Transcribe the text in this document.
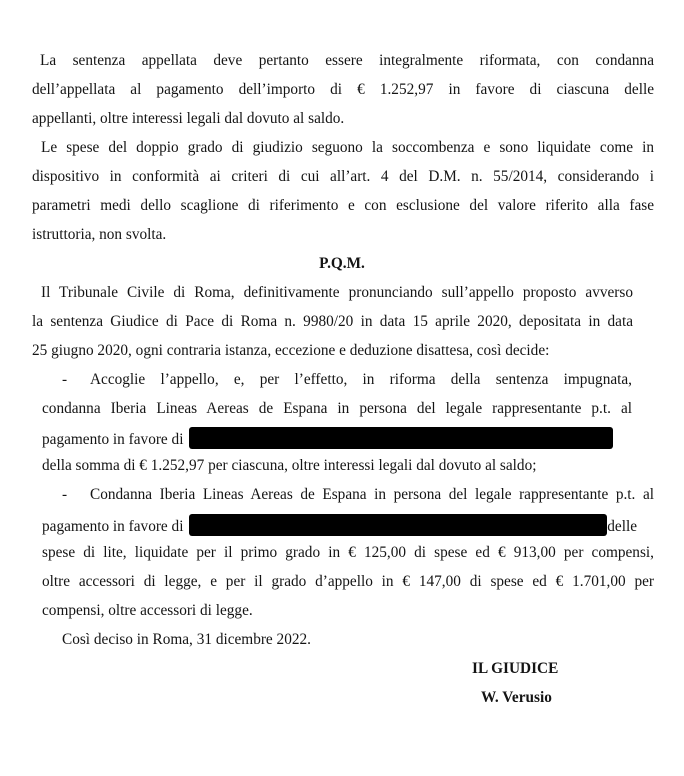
La sentenza appellata deve pertanto essere integralmente riformata, con condanna
dell’appellata al pagamento dell’importo di € 1.252,97 in favore di ciascuna delle
appellanti, oltre interessi legali dal dovuto al saldo.
Le spese del doppio grado di giudizio seguono la soccombenza e sono liquidate come in
dispositivo in conformità ai criteri di cui all’art. 4 del D.M. n. 55/2014, considerando i
parametri medi dello scaglione di riferimento e con esclusione del valore riferito alla fase
istruttoria, non svolta.
P.Q.M.
Il Tribunale Civile di Roma, definitivamente pronunciando sull’appello proposto avverso
la sentenza Giudice di Pace di Roma n. 9980/20 in data 15 aprile 2020, depositata in data
25 giugno 2020, ogni contraria istanza, eccezione e deduzione disattesa, così decide:
- Accoglie l’appello, e, per l’effetto, in riforma della sentenza impugnata,
condanna Iberia Lineas Aereas de Espana in persona del legale rappresentante p.t. al
pagamento in favore di
della somma di € 1.252,97 per ciascuna, oltre interessi legali dal dovuto al saldo;
- Condanna Iberia Lineas Aereas de Espana in persona del legale rappresentante p.t. al
pagamento in favore di	delle
spese di lite, liquidate per il primo grado in € 125,00 di spese ed € 913,00 per compensi,
oltre accessori di legge, e per il grado d’appello in € 147,00 di spese ed € 1.701,00 per
compensi, oltre accessori di legge.
Così deciso in Roma, 31 dicembre 2022.
IL GIUDICE
W. Verusio
